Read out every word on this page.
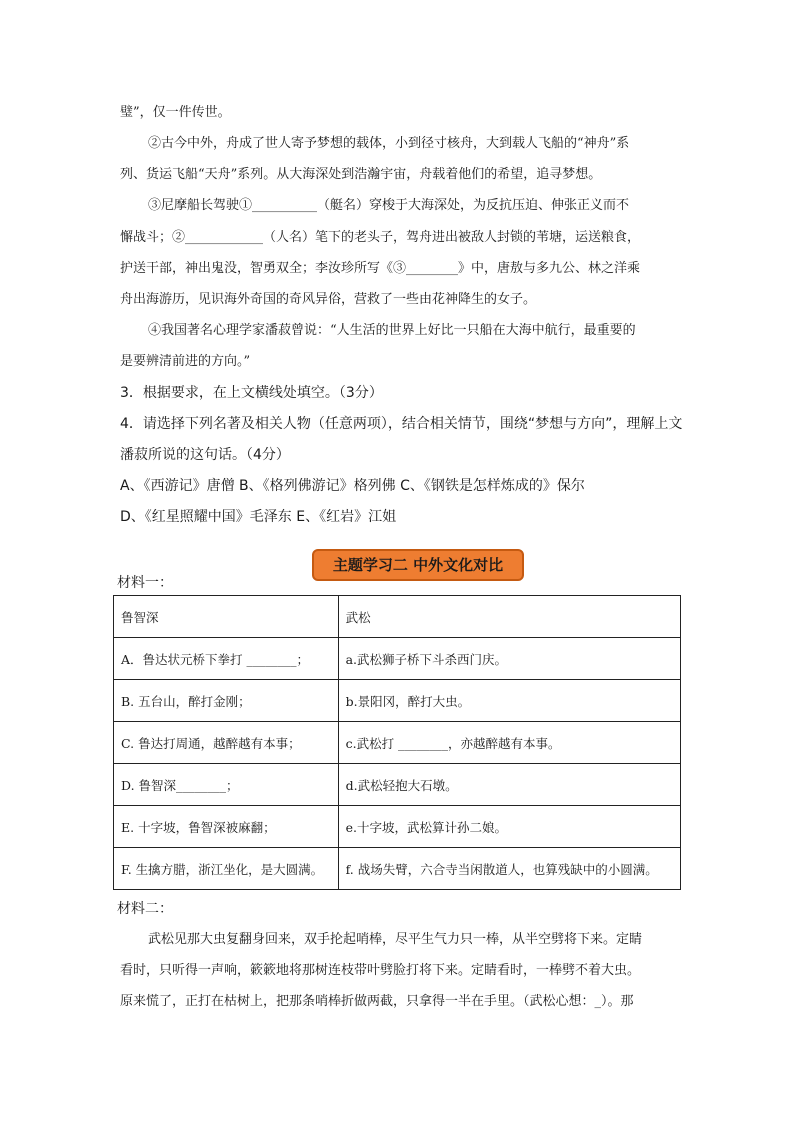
璧”，仅一件传世。
②古今中外，舟成了世人寄予梦想的载体，小到径寸核舟，大到载人飞船的“神舟”系
列、货运飞船“天舟”系列。从大海深处到浩瀚宇宙，舟载着他们的希望，追寻梦想。
③尼摩船长驾驶①__________（艇名）穿梭于大海深处，为反抗压迫、伸张正义而不
懈战斗；②____________（人名）笔下的老头子，驾舟进出被敌人封锁的苇塘，运送粮食，
护送干部，神出鬼没，智勇双全；李汝珍所写《③________》中，唐敖与多九公、林之洋乘
舟出海游历，见识海外奇国的奇风异俗，营救了一些由花神降生的女子。
④我国著名心理学家潘菽曾说：“人生活的世界上好比一只船在大海中航行，最重要的
是要辨清前进的方向。”
3．根据要求，在上文横线处填空。（3分）
4．请选择下列名著及相关人物（任意两项），结合相关情节，围绕“梦想与方向”，理解上文
潘菽所说的这句话。（4分）
A、《西游记》唐僧 B、《格列佛游记》格列佛 C、《钢铁是怎样炼成的》保尔
D、《红星照耀中国》毛泽东 E、《红岩》江姐
主题学习二 中外文化对比
材料一：
鲁智深	武松
A．鲁达状元桥下拳打 ________；	a.武松狮子桥下斗杀西门庆。
B. 五台山，醉打金刚；	b.景阳冈，醉打大虫。
C. 鲁达打周通，越醉越有本事；	c.武松打 ________，亦越醉越有本事。
D. 鲁智深________；	d.武松轻抱大石墩。
E. 十字坡，鲁智深被麻翻；	e.十字坡，武松算计孙二娘。
F. 生擒方腊，浙江坐化，是大圆满。	f. 战场失臂，六合寺当闲散道人，也算残缺中的小圆满。
材料二：
武松见那大虫复翻身回来，双手抡起哨棒，尽平生气力只一棒，从半空劈将下来。定睛
看时，只听得一声响，簌簌地将那树连枝带叶劈脸打将下来。定睛看时，一棒劈不着大虫。
原来慌了，正打在枯树上，把那条哨棒折做两截，只拿得一半在手里。（武松心想：_）。那
